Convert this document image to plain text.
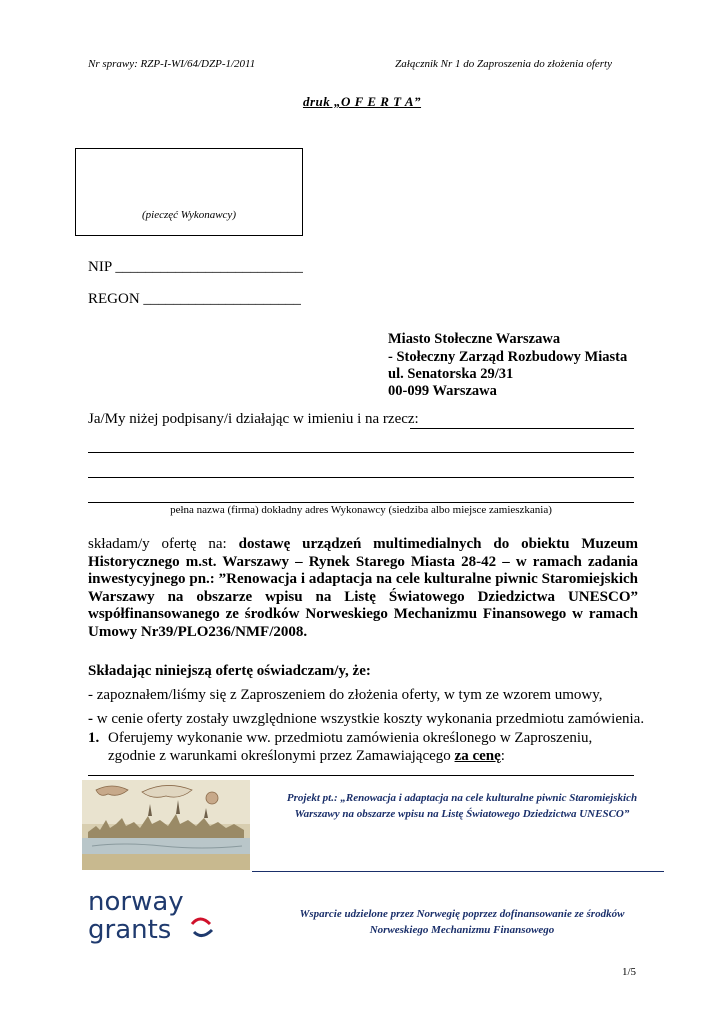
Nr sprawy: RZP-I-WI/64/DZP-1/2011	Załącznik Nr 1 do Zaproszenia do złożenia oferty
druk „O F E R T A”
(pieczęć Wykonawcy)
NIP _________________________
REGON _____________________
Miasto Stołeczne Warszawa
- Stołeczny Zarząd Rozbudowy Miasta
ul. Senatorska 29/31
00-099 Warszawa
Ja/My niżej podpisany/i działając w imieniu i na rzecz:
pełna nazwa (firma) dokładny adres Wykonawcy (siedziba albo miejsce zamieszkania)
składam/y ofertę na: dostawę urządzeń multimedialnych do obiektu Muzeum Historycznego m.st. Warszawy – Rynek Starego Miasta 28-42 – w ramach zadania inwestycyjnego pn.: ”Renowacja i adaptacja na cele kulturalne piwnic Staromiejskich Warszawy na obszarze wpisu na Listę Światowego Dziedzictwa UNESCO” współfinansowanego ze środków Norweskiego Mechanizmu Finansowego w ramach Umowy Nr39/PLO236/NMF/2008.
Składając niniejszą ofertę oświadczam/y, że:
- zapoznałem/liśmy się z Zaproszeniem do złożenia oferty, w tym ze wzorem umowy,
- w cenie oferty zostały uwzględnione wszystkie koszty wykonania przedmiotu zamówienia.
1. Oferujemy wykonanie ww. przedmiotu zamówienia określonego w Zaproszeniu, zgodnie z warunkami określonymi przez Zamawiającego za cenę:
Projekt pt.: „Renowacja i adaptacja na cele kulturalne piwnic Staromiejskich
Warszawy na obszarze wpisu na Listę Światowego Dziedzictwa UNESCO”
norway
grants
Wsparcie udzielone przez Norwegię poprzez dofinansowanie ze środków
Norweskiego Mechanizmu Finansowego
1/5
